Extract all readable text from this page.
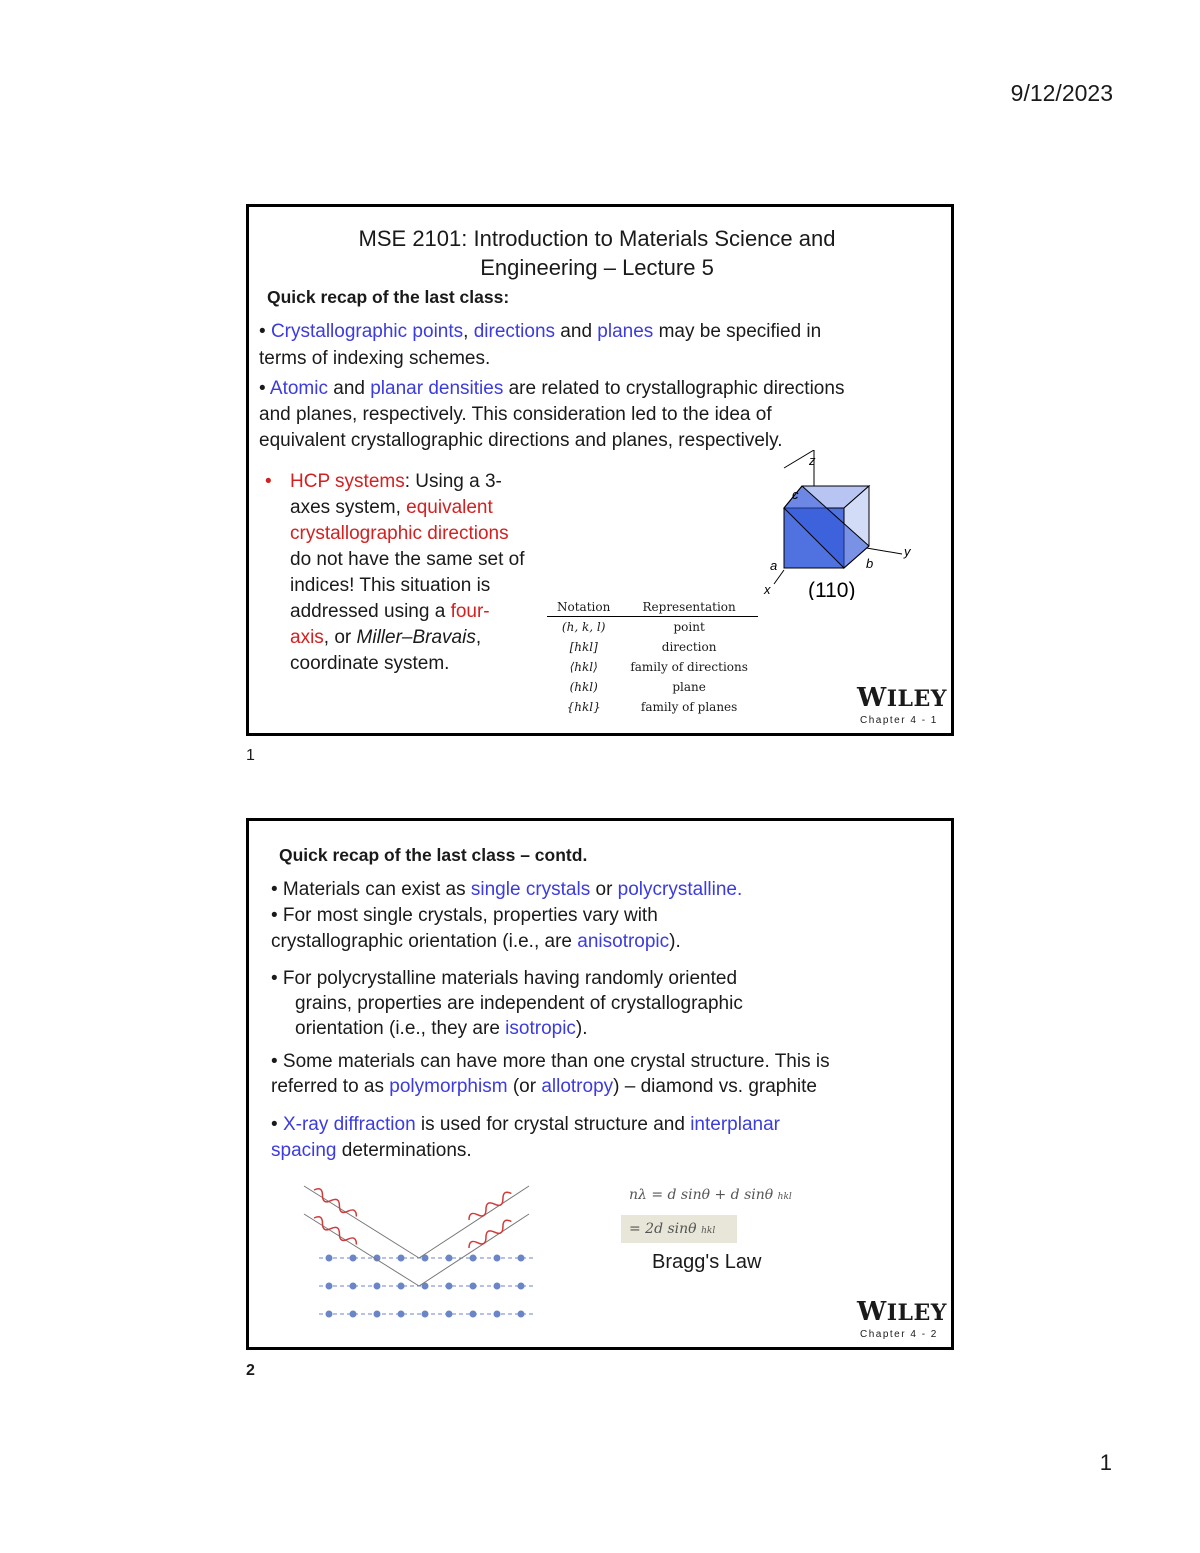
9/12/2023
1
MSE 2101: Introduction to Materials Science and
Engineering – Lecture 5
Quick recap of the last class:
• Crystallographic points, directions and planes may be specified in
terms of indexing schemes.
• Atomic and planar densities are related to crystallographic directions
and planes, respectively. This consideration led to the idea of
equivalent crystallographic directions and planes, respectively.
• HCP systems: Using a 3-
axes system, equivalent
crystallographic directions
do not have the same set of
indices! This situation is
addressed using a four-
axis, or Miller–Bravais,
coordinate system.
Notation	Representation
(h, k, l)	point
[hkl]	direction
⟨hkl⟩	family of directions
(hkl)	plane
{hkl}	family of planes
z
y
x
a	b
c
(110)
WILEY
Chapter 4 - 1
1
Quick recap of the last class – contd.
• Materials can exist as single crystals or polycrystalline.
• For most single crystals, properties vary with
crystallographic orientation (i.e., are anisotropic).
• For polycrystalline materials having randomly oriented
grains, properties are independent of crystallographic
orientation (i.e., they are isotropic).
• Some materials can have more than one crystal structure. This is
referred to as polymorphism (or allotropy) – diamond vs. graphite
• X-ray diffraction is used for crystal structure and interplanar
spacing determinations.
nλ = d sinθ + d sinθ hkl
= 2d sinθ hkl
Bragg's Law
WILEY
Chapter 4 - 2
2
